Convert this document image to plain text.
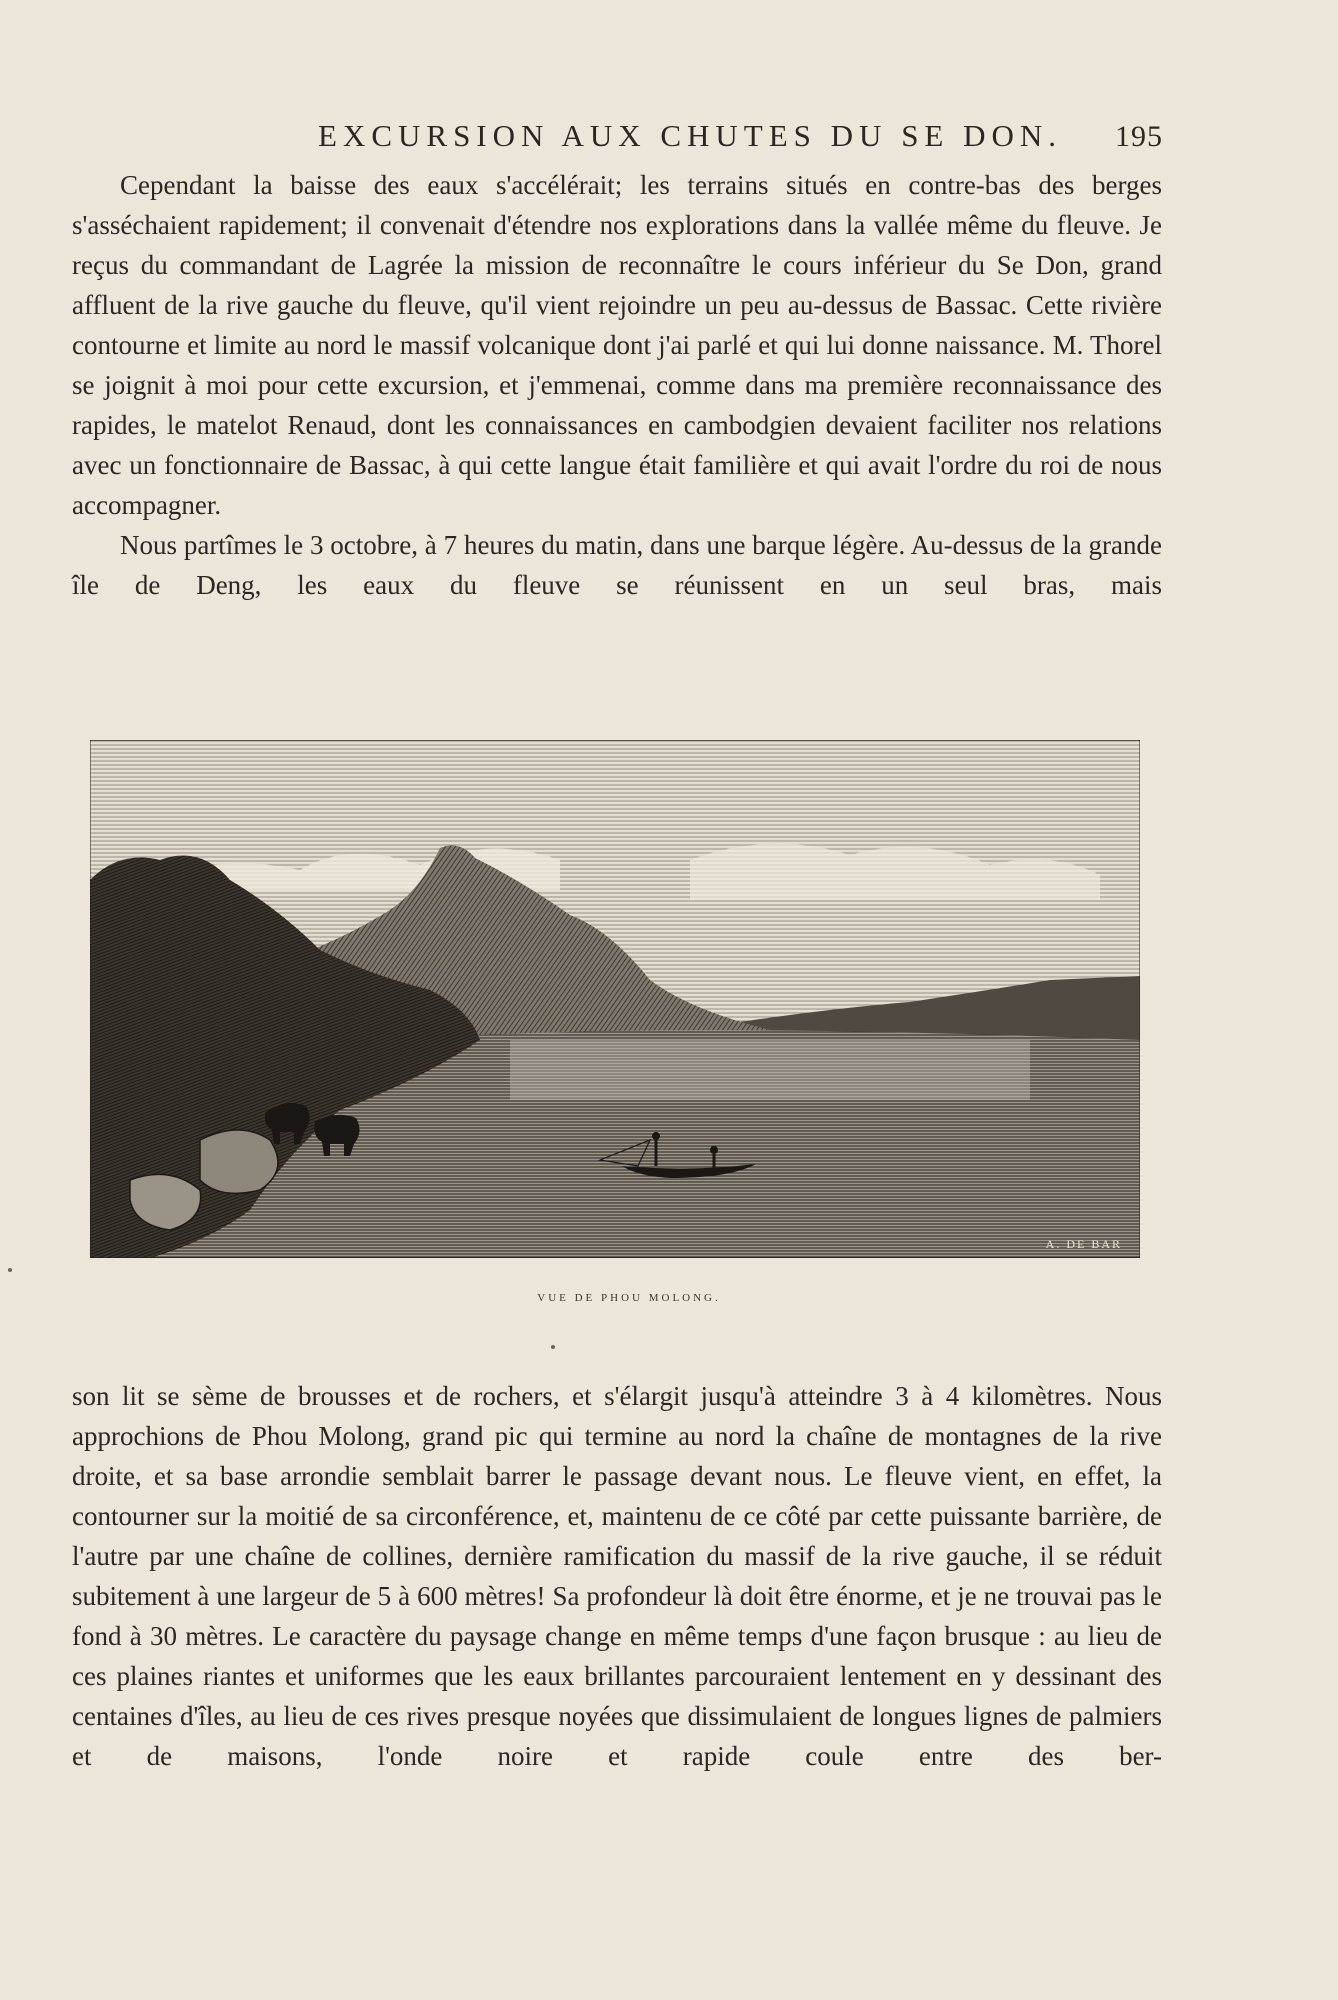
EXCURSION AUX CHUTES DU SE DON. 195

Cependant la baisse des eaux s'accélérait; les terrains situés en contre-bas des berges s'asséchaient rapidement; il convenait d'étendre nos explorations dans la vallée même du fleuve. Je reçus du commandant de Lagrée la mission de reconnaître le cours inférieur du Se Don, grand affluent de la rive gauche du fleuve, qu'il vient rejoindre un peu au-dessus de Bassac. Cette rivière contourne et limite au nord le massif volcanique dont j'ai parlé et qui lui donne naissance. M. Thorel se joignit à moi pour cette excursion, et j'emmenai, comme dans ma première reconnaissance des rapides, le matelot Renaud, dont les connaissances en cambodgien devaient faciliter nos relations avec un fonctionnaire de Bassac, à qui cette langue était familière et qui avait l'ordre du roi de nous accompagner.

Nous partîmes le 3 octobre, à 7 heures du matin, dans une barque légère. Au-dessus de la grande île de Deng, les eaux du fleuve se réunissent en un seul bras, mais

A. DE BAR
VUE DE PHOU MOLONG.

son lit se sème de brousses et de rochers, et s'élargit jusqu'à atteindre 3 à 4 kilomètres. Nous approchions de Phou Molong, grand pic qui termine au nord la chaîne de montagnes de la rive droite, et sa base arrondie semblait barrer le passage devant nous. Le fleuve vient, en effet, la contourner sur la moitié de sa circonférence, et, maintenu de ce côté par cette puissante barrière, de l'autre par une chaîne de collines, dernière ramification du massif de la rive gauche, il se réduit subitement à une largeur de 5 à 600 mètres! Sa profondeur là doit être énorme, et je ne trouvai pas le fond à 30 mètres. Le caractère du paysage change en même temps d'une façon brusque : au lieu de ces plaines riantes et uniformes que les eaux brillantes parcouraient lentement en y dessinant des centaines d'îles, au lieu de ces rives presque noyées que dissimulaient de longues lignes de palmiers et de maisons, l'onde noire et rapide coule entre des ber-
